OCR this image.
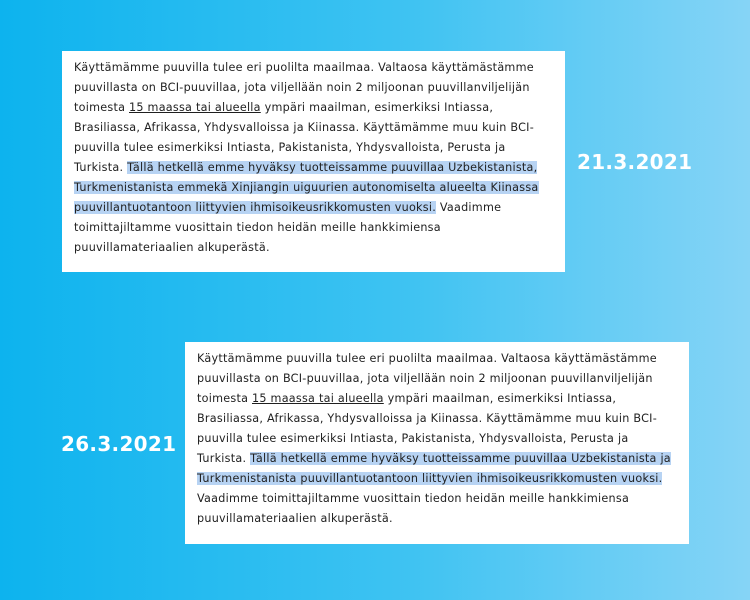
Käyttämämme puuvilla tulee eri puolilta maailmaa. Valtaosa käyttämästämme puuvillasta on BCI-puuvillaa, jota viljellään noin 2 miljoonan puuvillanviljelijän toimesta 15 maassa tai alueella ympäri maailman, esimerkiksi Intiassa, Brasiliassa, Afrikassa, Yhdysvalloissa ja Kiinassa. Käyttämämme muu kuin BCI-puuvilla tulee esimerkiksi Intiasta, Pakistanista, Yhdysvalloista, Perusta ja Turkista. Tällä hetkellä emme hyväksy tuotteissamme puuvillaa Uzbekistanista, Turkmenistanista emmekä Xinjiangin uiguurien autonomiselta alueelta Kiinassa puuvillantuotantoon liittyvien ihmisoikeusrikkomusten vuoksi. Vaadimme toimittajiltamme vuosittain tiedon heidän meille hankkimiensa puuvillamateriaalien alkuperästä.

21.3.2021

Käyttämämme puuvilla tulee eri puolilta maailmaa. Valtaosa käyttämästämme puuvillasta on BCI-puuvillaa, jota viljellään noin 2 miljoonan puuvillanviljelijän toimesta 15 maassa tai alueella ympäri maailman, esimerkiksi Intiassa, Brasiliassa, Afrikassa, Yhdysvalloissa ja Kiinassa. Käyttämämme muu kuin BCI-puuvilla tulee esimerkiksi Intiasta, Pakistanista, Yhdysvalloista, Perusta ja Turkista. Tällä hetkellä emme hyväksy tuotteissamme puuvillaa Uzbekistanista ja Turkmenistanista puuvillantuotantoon liittyvien ihmisoikeusrikkomusten vuoksi. Vaadimme toimittajiltamme vuosittain tiedon heidän meille hankkimiensa puuvillamateriaalien alkuperästä.

26.3.2021
